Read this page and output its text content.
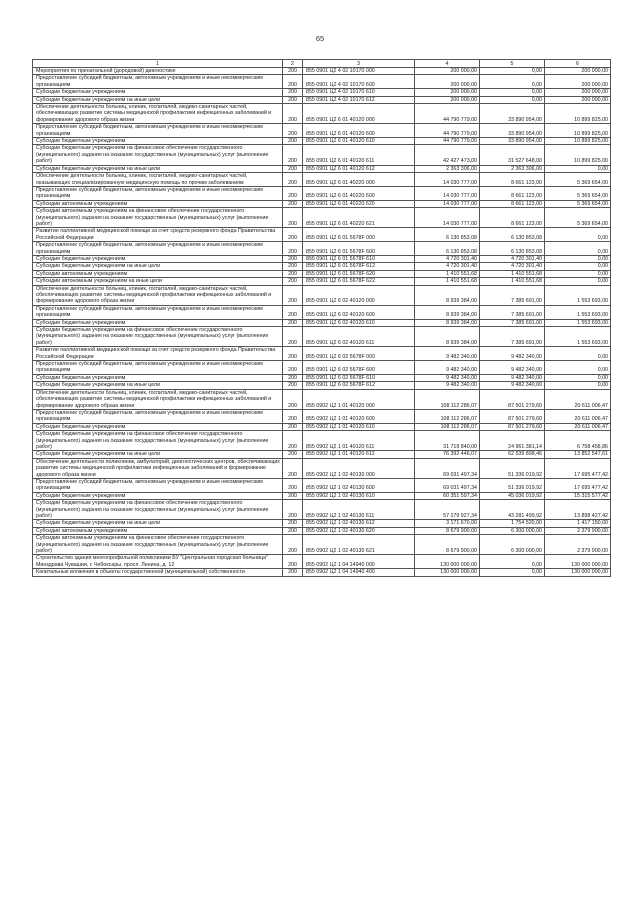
65
1	2	3	4	5	6
Мероприятия по пренатальной (дородовой) диагностике	200	855 0901 Ц2 4 02 10170 000	200 000,00	0,00	200 000,00
Предоставление субсидий бюджетным, автономным учреждениям и иным некоммерческим организациям	200	855 0901 Ц2 4 02 10170 600	200 000,00	0,00	200 000,00
Субсидии бюджетным учреждениям	200	855 0901 Ц2 4 02 10170 610	200 000,00	0,00	200 000,00
Субсидии бюджетным учреждениям на иные цели	200	855 0901 Ц2 4 02 10170 612	200 000,00	0,00	200 000,00
Обеспечение деятельности больниц, клиник, госпиталей, медико-санитарных частей, обеспечивающих развитие системы медицинской профилактики инфекционных заболеваний и формирование здорового образа жизни	200	855 0901 Ц2 6 01 40120 000	44 790 779,00	33 890 954,00	10 899 825,00
Предоставление субсидий бюджетным, автономным учреждениям и иным некоммерческим организациям	200	855 0901 Ц2 6 01 40120 600	44 790 779,00	33 890 954,00	10 899 825,00
Субсидии бюджетным учреждениям	200	855 0901 Ц2 6 01 40120 610	44 790 779,00	33 890 954,00	10 899 825,00
Субсидии бюджетным учреждениям на финансовое обеспечение государственного (муниципального) задания на оказание государственных (муниципальных) услуг (выполнение работ)	200	855 0901 Ц2 6 01 40120 611	42 427 473,00	31 527 648,00	10 899 825,00
Субсидии бюджетным учреждениям на иные цели	200	855 0901 Ц2 6 01 40120 612	2 363 306,00	2 363 306,00	0,00
Обеспечение деятельности больниц, клиник, госпиталей, медико-санитарных частей, оказывающих специализированную медицинскую помощь по прочим заболеваниям	200	855 0901 Ц2 6 01 40220 000	14 030 777,00	8 661 123,00	5 369 654,00
Предоставление субсидий бюджетным, автономным учреждениям и иным некоммерческим организациям	200	855 0901 Ц2 6 01 40220 600	14 030 777,00	8 661 123,00	5 369 654,00
Субсидии автономным учреждениям	200	855 0901 Ц2 6 01 40220 620	14 030 777,00	8 661 123,00	5 369 654,00
Субсидии автономным учреждениям на финансовое обеспечение государственного (муниципального) задания на оказание государственных (муниципальных) услуг (выполнение работ)	200	855 0901 Ц2 6 01 40220 621	14 030 777,00	8 661 123,00	5 369 654,00
Развитие паллиативной медицинской помощи за счет средств резервного фонда Правительства Российской Федерации	200	855 0901 Ц2 6 01 5678F 000	6 130 853,08	6 130 853,08	0,00
Предоставление субсидий бюджетным, автономным учреждениям и иным некоммерческим организациям	200	855 0901 Ц2 6 01 5678F 600	6 130 853,08	6 130 853,08	0,00
Субсидии бюджетным учреждениям	200	855 0901 Ц2 6 01 5678F 610	4 720 301,40	4 720 301,40	0,00
Субсидии бюджетным учреждениям на иные цели	200	855 0901 Ц2 6 01 5678F 612	4 720 301,40	4 720 301,40	0,00
Субсидии автономным учреждениям	200	855 0901 Ц2 6 01 5678F 620	1 410 551,68	1 410 551,68	0,00
Субсидии автономным учреждениям на иные цели	200	855 0901 Ц2 6 01 5678F 622	1 410 551,68	1 410 551,68	0,00
Обеспечение деятельности больниц, клиник, госпиталей, медико-санитарных частей, обеспечивающих развитие системы медицинской профилактики инфекционных заболеваний и формирование здорового образа жизни	200	855 0901 Ц2 6 02 40120 000	8 939 384,00	7 385 691,00	1 553 693,00
Предоставление субсидий бюджетным, автономным учреждениям и иным некоммерческим организациям	200	855 0901 Ц2 6 02 40120 600	8 939 384,00	7 385 691,00	1 553 693,00
Субсидии бюджетным учреждениям	200	855 0901 Ц2 6 02 40120 610	8 939 384,00	7 385 691,00	1 553 693,00
Субсидии бюджетным учреждениям на финансовое обеспечение государственного (муниципального) задания на оказание государственных (муниципальных) услуг (выполнение работ)	200	855 0901 Ц2 6 02 40120 611	8 939 384,00	7 385 691,00	1 553 693,00
Развитие паллиативной медицинской помощи за счет средств резервного фонда Правительства Российской Федерации	200	855 0901 Ц2 6 02 5678F 000	9 482 340,00	9 482 340,00	0,00
Предоставление субсидий бюджетным, автономным учреждениям и иным некоммерческим организациям	200	855 0901 Ц2 6 02 5678F 600	9 482 340,00	9 482 340,00	0,00
Субсидии бюджетным учреждениям	200	855 0901 Ц2 6 02 5678F 610	9 482 340,00	9 482 340,00	0,00
Субсидии бюджетным учреждениям на иные цели	200	855 0901 Ц2 6 02 5678F 612	9 482 340,00	9 482 340,00	0,00
Обеспечение деятельности больниц, клиник, госпиталей, медико-санитарных частей, обеспечивающих развитие системы медицинской профилактики инфекционных заболеваний и формирование здорового образа жизни	200	855 0902 Ц2 1 01 40120 000	108 112 286,07	87 501 279,60	20 611 006,47
Предоставление субсидий бюджетным, автономным учреждениям и иным некоммерческим организациям	200	855 0902 Ц2 1 01 40120 600	108 112 286,07	87 501 279,60	20 611 006,47
Субсидии бюджетным учреждениям	200	855 0902 Ц2 1 01 40120 610	108 112 286,07	87 501 279,60	20 611 006,47
Субсидии бюджетным учреждениям на финансовое обеспечение государственного (муниципального) задания на оказание государственных (муниципальных) услуг (выполнение работ)	200	855 0902 Ц2 1 01 40120 611	31 719 840,00	24 961 381,14	6 758 458,86
Субсидии бюджетным учреждениям на иные цели	200	855 0902 Ц2 1 01 40120 612	76 392 446,07	62 539 898,46	13 852 547,61
Обеспечение деятельности поликлиник, амбулаторий, диагностических центров, обеспечивающих развитие системы медицинской профилактики инфекционных заболеваний и формирование здорового образа жизни	200	855 0902 Ц2 1 02 40130 000	69 031 497,34	51 336 019,92	17 695 477,42
Предоставление субсидий бюджетным, автономным учреждениям и иным некоммерческим организациям	200	855 0902 Ц2 1 02 40130 600	69 031 497,34	51 336 019,92	17 695 477,42
Субсидии бюджетным учреждениям	200	855 0902 Ц2 1 02 40130 610	60 351 597,34	45 036 019,92	15 315 577,42
Субсидии бюджетным учреждениям на финансовое обеспечение государственного (муниципального) задания на оказание государственных (муниципальных) услуг (выполнение работ)	200	855 0902 Ц2 1 02 40130 611	57 179 927,34	43 281 499,92	13 898 427,42
Субсидии бюджетным учреждениям на иные цели	200	855 0902 Ц2 1 02 40130 612	3 171 670,00	1 754 520,00	1 417 150,00
Субсидии автономным учреждениям	200	855 0902 Ц2 1 02 40130 620	8 679 900,00	6 300 000,00	2 379 900,00
Субсидии автономным учреждениям на финансовое обеспечение государственного (муниципального) задания на оказание государственных (муниципальных) услуг (выполнение работ)	200	855 0902 Ц2 1 02 40130 621	8 679 900,00	6 300 000,00	2 379 900,00
Строительство здания многопрофильной поликлиники БУ "Центральная городская больница" Минздрава Чувашии, г. Чебоксары, просп. Ленина, д. 12	200	855 0902 Ц2 1 04 14940 000	130 000 000,00	0,00	130 000 000,00
Капитальные вложения в объекты государственной (муниципальной) собственности	200	855 0902 Ц2 1 04 14940 400	130 000 000,00	0,00	130 000 000,00
